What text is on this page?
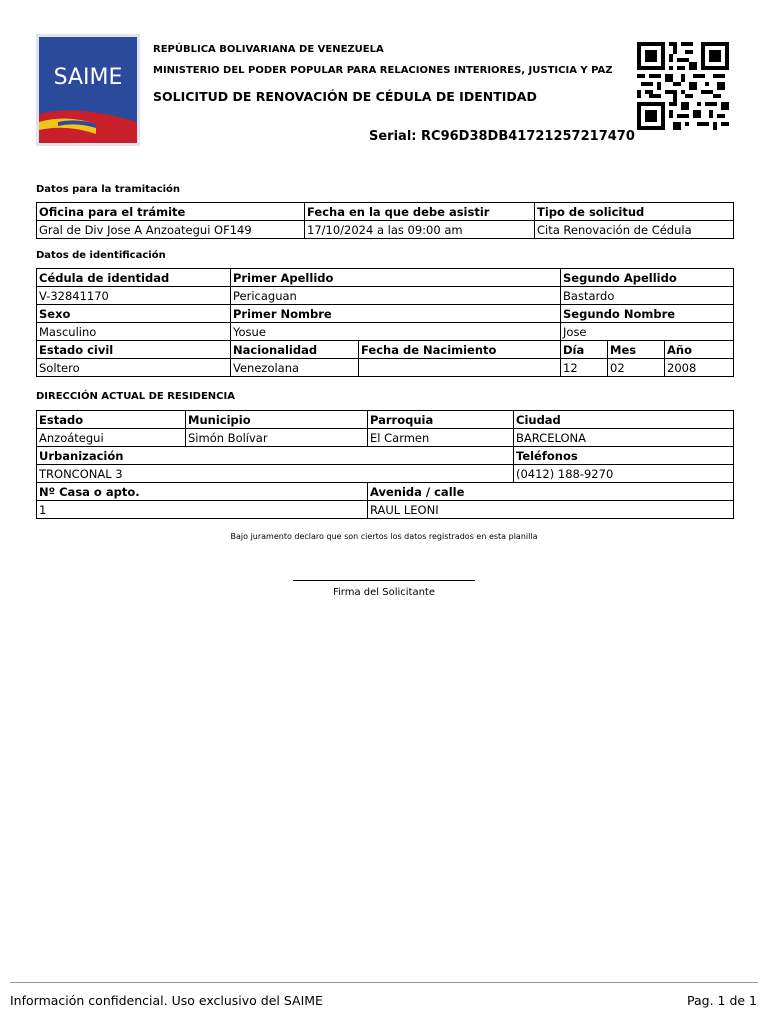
SAIME
REPÚBLICA BOLIVARIANA DE VENEZUELA
MINISTERIO DEL PODER POPULAR PARA RELACIONES INTERIORES, JUSTICIA Y PAZ
SOLICITUD DE RENOVACIÓN DE CÉDULA DE IDENTIDAD
Serial: RC96D38DB41721257217470
Datos para la tramitación
Oficina para el trámite	Fecha en la que debe asistir	Tipo de solicitud
Gral de Div Jose A Anzoategui OF149	17/10/2024 a las 09:00 am	Cita Renovación de Cédula
Datos de identificación
Cédula de identidad	Primer Apellido		Segundo Apellido		
V-32841170	Pericaguan		Bastardo		
Sexo	Primer Nombre		Segundo Nombre		
Masculino	Yosue		Jose		
Estado civil	Nacionalidad	Fecha de Nacimiento	Día	Mes	Año
Soltero	Venezolana		12	02	2008
DIRECCIÓN ACTUAL DE RESIDENCIA
Estado	Municipio	Parroquia	Ciudad
Anzoátegui	Simón Bolívar	El Carmen	BARCELONA
Urbanización			Teléfonos
TRONCONAL 3			(0412) 188-9270
Nº Casa o apto.		Avenida / calle	
1		RAUL LEONI	
Bajo juramento declaro que son ciertos los datos registrados en esta planilla
Firma del Solicitante
Información confidencial. Uso exclusivo del SAIME	Pag. 1 de 1
